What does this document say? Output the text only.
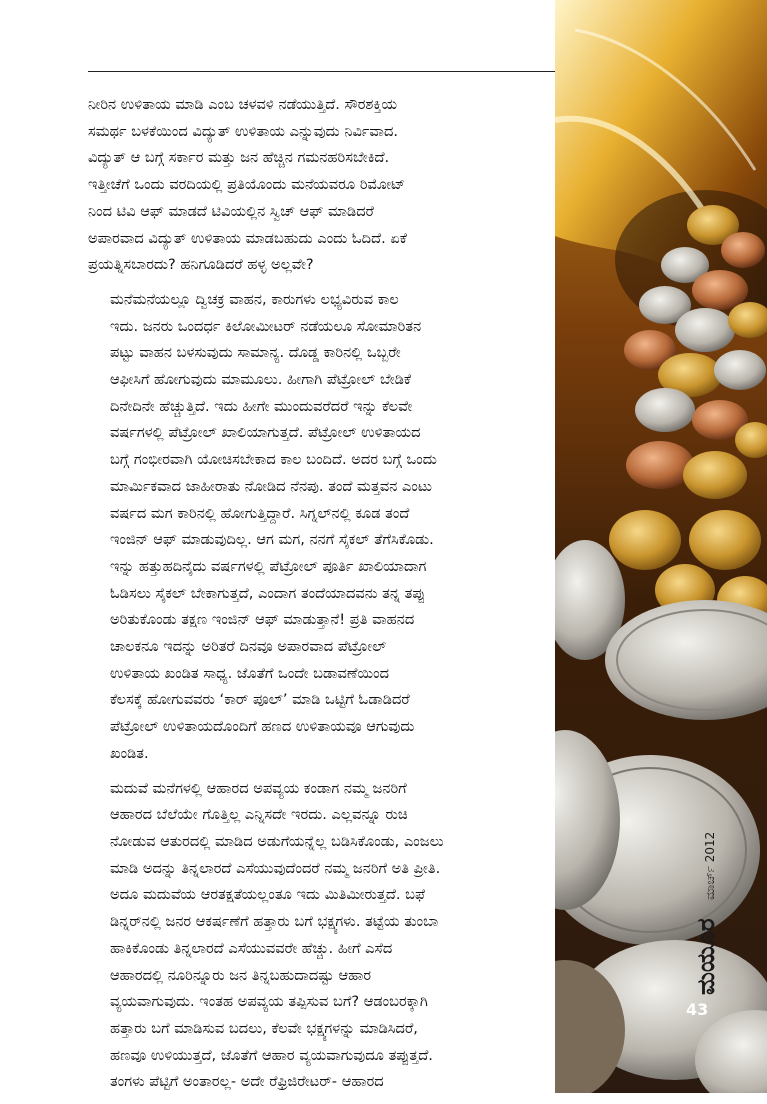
ನೀರಿನ ಉಳಿತಾಯ ಮಾಡಿ ಎಂಬ ಚಳವಳಿ ನಡೆಯುತ್ತಿದೆ. ಸೌರಶಕ್ತಿಯ
ಸಮರ್ಥ ಬಳಕೆಯಿಂದ ವಿದ್ಯುತ್ ಉಳಿತಾಯ ಎನ್ನುವುದು ನಿರ್ವಿವಾದ.
ವಿದ್ಯುತ್ ಆ ಬಗ್ಗೆ ಸರ್ಕಾರ ಮತ್ತು ಜನ ಹೆಚ್ಚಿನ ಗಮನಹರಿಸಬೇಕಿದೆ.
ಇತ್ತೀಚೆಗೆ ಒಂದು ವರದಿಯಲ್ಲಿ ಪ್ರತಿಯೊಂದು ಮನೆಯವರೂ ರಿಮೋಟ್
ನಿಂದ ಟಿವಿ ಆಫ್ ಮಾಡದೆ ಟಿವಿಯಲ್ಲಿನ ಸ್ವಿಚ್ ಆಫ್ ಮಾಡಿದರೆ
ಅಪಾರವಾದ ವಿದ್ಯುತ್ ಉಳಿತಾಯ ಮಾಡಬಹುದು ಎಂದು ಓದಿದೆ. ಏಕೆ
ಪ್ರಯತ್ನಿಸಬಾರದು? ಹನಿಗೂಡಿದರೆ ಹಳ್ಳ ಅಲ್ಲವೇ?

ಮನೆಮನೆಯಲ್ಲೂ ದ್ವಿಚಕ್ರ ವಾಹನ, ಕಾರುಗಳು ಲಭ್ಯವಿರುವ ಕಾಲ
ಇದು. ಜನರು ಒಂದರ್ಧ ಕಿಲೋಮೀಟರ್ ನಡೆಯಲೂ ಸೋಮಾರಿತನ
ಪಟ್ಟು ವಾಹನ ಬಳಸುವುದು ಸಾಮಾನ್ಯ. ದೊಡ್ಡ ಕಾರಿನಲ್ಲಿ ಒಬ್ಬರೇ
ಆಫೀಸಿಗೆ ಹೋಗುವುದು ಮಾಮೂಲು. ಹೀಗಾಗಿ ಪೆಟ್ರೋಲ್ ಬೇಡಿಕೆ
ದಿನೇದಿನೇ ಹೆಚ್ಚುತ್ತಿದೆ. ಇದು ಹೀಗೇ ಮುಂದುವರೆದರೆ ಇನ್ನು ಕೆಲವೇ
ವರ್ಷಗಳಲ್ಲಿ ಪೆಟ್ರೋಲ್ ಖಾಲಿಯಾಗುತ್ತದೆ. ಪೆಟ್ರೋಲ್ ಉಳಿತಾಯದ
ಬಗ್ಗೆ ಗಂಭೀರವಾಗಿ ಯೋಚಿಸಬೇಕಾದ ಕಾಲ ಬಂದಿದೆ. ಅದರ ಬಗ್ಗೆ ಒಂದು
ಮಾರ್ಮಿಕವಾದ ಜಾಹೀರಾತು ನೋಡಿದ ನೆನಪು. ತಂದೆ ಮತ್ತವನ ಎಂಟು
ವರ್ಷದ ಮಗ ಕಾರಿನಲ್ಲಿ ಹೋಗುತ್ತಿದ್ದಾರೆ. ಸಿಗ್ನಲ್‌ನಲ್ಲಿ ಕೂಡ ತಂದೆ
ಇಂಜಿನ್ ಆಫ್ ಮಾಡುವುದಿಲ್ಲ. ಆಗ ಮಗ, ನನಗೆ ಸೈಕಲ್ ತೆಗೆಸಿಕೊಡು.
ಇನ್ನು ಹತ್ತುಹದಿನೈದು ವರ್ಷಗಳಲ್ಲಿ ಪೆಟ್ರೋಲ್ ಪೂರ್ತಿ ಖಾಲಿಯಾದಾಗ
ಓಡಿಸಲು ಸೈಕಲ್ ಬೇಕಾಗುತ್ತದೆ, ಎಂದಾಗ ತಂದೆಯಾದವನು ತನ್ನ ತಪ್ಪು
ಅರಿತುಕೊಂಡು ತಕ್ಷಣ ಇಂಜಿನ್ ಆಫ್ ಮಾಡುತ್ತಾನೆ! ಪ್ರತಿ ವಾಹನದ
ಚಾಲಕನೂ ಇದನ್ನು ಅರಿತರೆ ದಿನವೂ ಅಪಾರವಾದ ಪೆಟ್ರೋಲ್
ಉಳಿತಾಯ ಖಂಡಿತ ಸಾಧ್ಯ. ಜೊತೆಗೆ ಒಂದೇ ಬಡಾವಣೆಯಿಂದ
ಕೆಲಸಕ್ಕೆ ಹೋಗುವವರು ‘ಕಾರ್ ಪೂಲ್’ ಮಾಡಿ ಒಟ್ಟಿಗೆ ಓಡಾಡಿದರೆ
ಪೆಟ್ರೋಲ್ ಉಳಿತಾಯದೊಂದಿಗೆ ಹಣದ ಉಳಿತಾಯವೂ ಆಗುವುದು
ಖಂಡಿತ.

ಮದುವೆ ಮನೆಗಳಲ್ಲಿ ಆಹಾರದ ಅಪವ್ಯಯ ಕಂಡಾಗ ನಮ್ಮ ಜನರಿಗೆ
ಆಹಾರದ ಬೆಲೆಯೇ ಗೊತ್ತಿಲ್ಲ ಎನ್ನಿಸದೇ ಇರದು. ಎಲ್ಲವನ್ನೂ ರುಚಿ
ನೋಡುವ ಆತುರದಲ್ಲಿ ಮಾಡಿದ ಅಡುಗೆಯನ್ನೆಲ್ಲ ಬಡಿಸಿಕೊಂಡು, ಎಂಜಲು
ಮಾಡಿ ಅದನ್ನು ತಿನ್ನಲಾರದೆ ಎಸೆಯುವುದೆಂದರೆ ನಮ್ಮ ಜನರಿಗೆ ಅತಿ ಪ್ರೀತಿ.
ಅದೂ ಮದುವೆಯ ಆರತಕ್ಷತೆಯಲ್ಲಂತೂ ಇದು ಮಿತಿಮೀರುತ್ತದೆ. ಬಫೆ
ಡಿನ್ನರ್‌ನಲ್ಲಿ ಜನರ ಆಕರ್ಷಣೆಗೆ ಹತ್ತಾರು ಬಗೆ ಭಕ್ಷ್ಯಗಳು. ತಟ್ಟೆಯ ತುಂಬಾ
ಹಾಕಿಕೊಂಡು ತಿನ್ನಲಾರದೆ ಎಸೆಯುವವರೇ ಹೆಚ್ಚು. ಹೀಗೆ ಎಸೆದ
ಆಹಾರದಲ್ಲಿ ನೂರಿನ್ನೂರು ಜನ ತಿನ್ನಬಹುದಾದಷ್ಟು ಆಹಾರ
ವ್ಯಯವಾಗುವುದು. ಇಂತಹ ಅಪವ್ಯಯ ತಪ್ಪಿಸುವ ಬಗೆ? ಆಡಂಬರಕ್ಕಾಗಿ
ಹತ್ತಾರು ಬಗೆ ಮಾಡಿಸುವ ಬದಲು, ಕೆಲವೇ ಭಕ್ಷ್ಯಗಳನ್ನು ಮಾಡಿಸಿದರೆ,
ಹಣವೂ ಉಳಿಯುತ್ತದೆ, ಜೊತೆಗೆ ಆಹಾರ ವ್ಯಯವಾಗುವುದೂ ತಪ್ಪುತ್ತದೆ.
ತಂಗಳು ಪೆಟ್ಟಿಗೆ ಅಂತಾರಲ್ಲ- ಅದೇ ರೆಫ್ರಿಜಿರೇಟರ್- ಆಹಾರದ

ಮಯೂರ
ಮಾರ್ಚ್ 2012
43
